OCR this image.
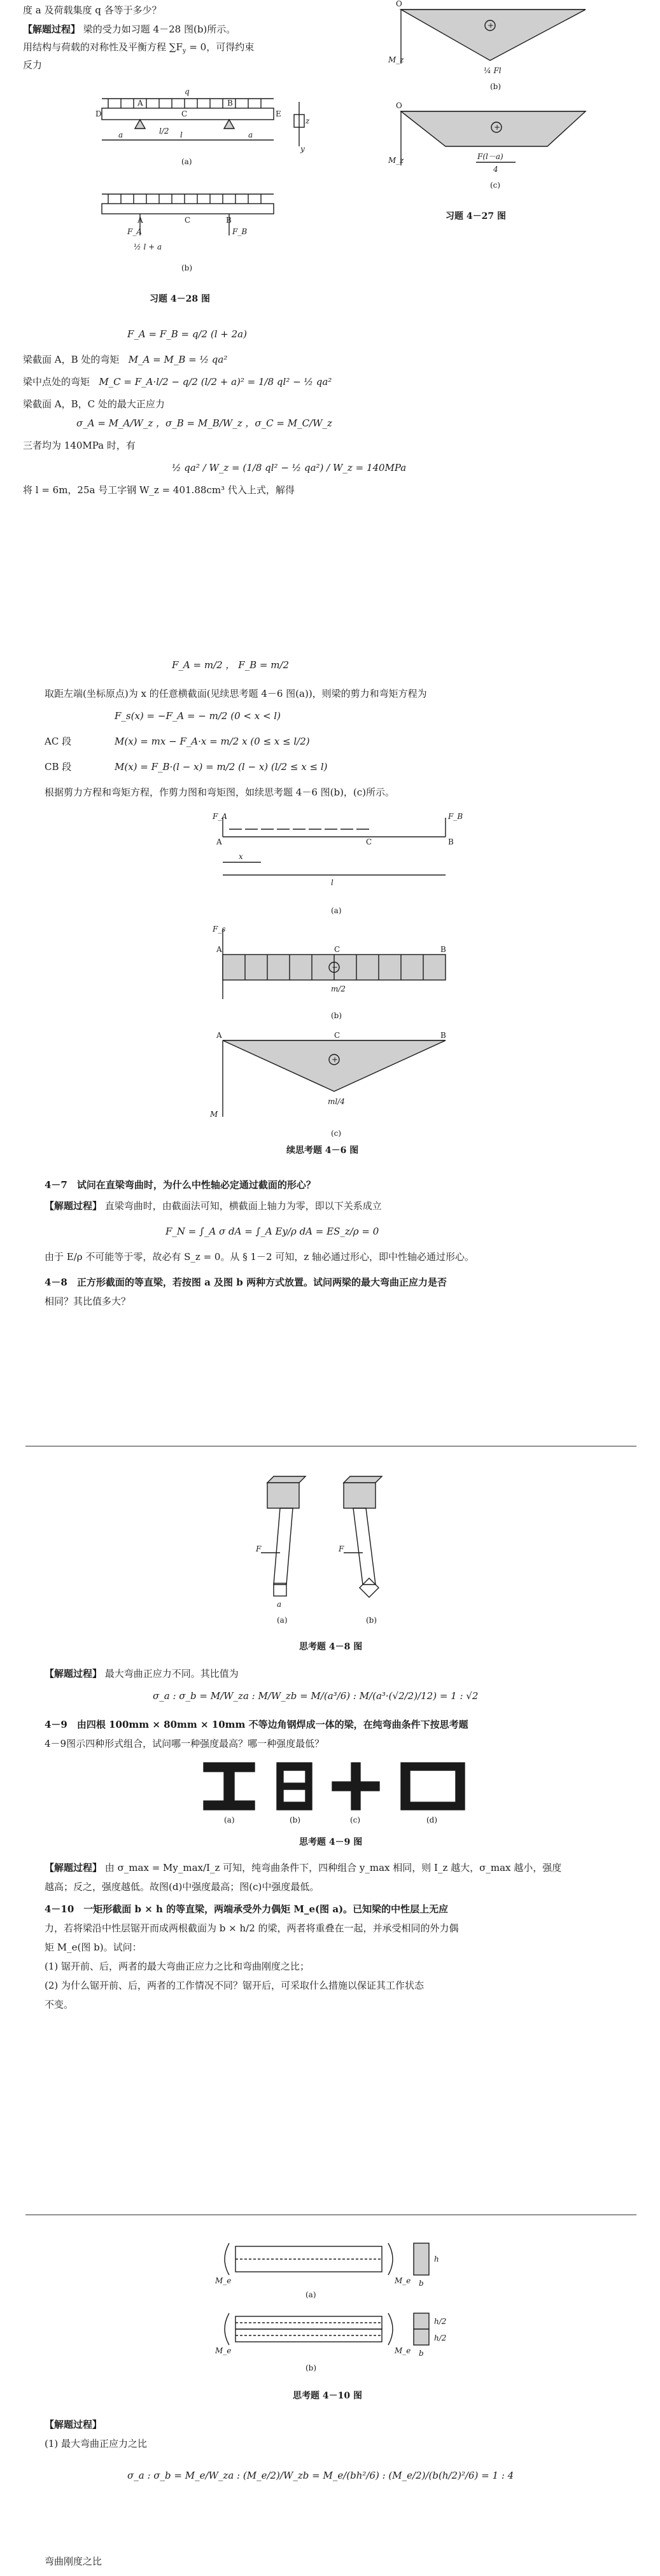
度 a 及荷载集度 q 各等于多少？
【解题过程】 梁的受力如习题 4－28 图(b)所示。
用结构与荷载的对称性及平衡方程 $\sum F_y = 0$，可得约束
反力
q
D	E
A
C
B
a	l	a
l/2
(a)
z
y
F_A	F_B
A	C	B
½ l + a
(b)
习题 4－28 图
O
+
M_z
¼ Fl
(b)
O
+
M_z	F(l－a)
4
(c)
习题 4－27 图
F_A = F_B = q/2 (l + 2a)
梁截面 A，B 处的弯矩 M_A = M_B = ½ qa²
梁中点处的弯矩 M_C = F_A·l/2 − q/2 (l/2 + a)² = 1/8 ql² − ½ qa²
梁截面 A，B，C 处的最大正应力
σ_A = M_A/W_z ，σ_B = M_B/W_z ，σ_C = M_C/W_z
三者均为 140MPa 时，有
½ qa² / W_z = (1/8 ql² − ½ qa²) / W_z = 140MPa
将 l = 6m，25a 号工字钢 W_z = 401.88cm³ 代入上式，解得
F_A = m/2 ， F_B = m/2
取距左端(坐标原点)为 x 的任意横截面(见续思考题 4－6 图(a))，则梁的剪力和弯矩方程为
F_s(x) = −F_A = − m/2 (0 < x < l)
AC 段	M(x) = mx − F_A·x = m/2 x (0 ≤ x ≤ l/2)
CB 段	M(x) = F_B·(l − x) = m/2 (l − x) (l/2 ≤ x ≤ l)
根据剪力方程和弯矩方程，作剪力图和弯矩图，如续思考题 4－6 图(b)，(c)所示。
F_A	F_B
A	B
C
x
l
(a)
F_s
A	C	B
−
m/2
(b)
M
A	C	B
+
ml/4
(c)
续思考题 4－6 图
4－7　试问在直梁弯曲时，为什么中性轴必定通过截面的形心？
【解题过程】 直梁弯曲时，由截面法可知，横截面上轴力为零，即以下关系成立
F_N = ∫_A σ dA = ∫_A Ey/ρ dA = ES_z/ρ = 0
由于 E/ρ 不可能等于零，故必有 S_z = 0。从 § 1－2 可知，z 轴必通过形心，即中性轴必通过形心。
4－8　正方形截面的等直梁，若按图 a 及图 b 两种方式放置。试问两梁的最大弯曲正应力是否
相同？其比值多大？
F
a
(a)
F
(b)
思考题 4－8 图
【解题过程】 最大弯曲正应力不同。其比值为
σ_a : σ_b = M/W_za : M/W_zb = M/(a³/6) : M/(a³·(√2/2)/12) = 1 : √2
4－9　由四根 100mm × 80mm × 10mm 不等边角钢焊成一体的梁，在纯弯曲条件下按思考题
4－9图示四种形式组合，试问哪一种强度最高？哪一种强度最低？
(a)	(b)	(c)	(d)
思考题 4－9 图
【解题过程】 由 σ_max = My_max/I_z 可知，纯弯曲条件下，四种组合 y_max 相同，则 I_z 越大，σ_max 越小，强度
越高；反之，强度越低。故图(d)中强度最高；图(c)中强度最低。
4－10　一矩形截面 b × h 的等直梁，两端承受外力偶矩 M_e(图 a)。已知梁的中性层上无应
力，若将梁沿中性层锯开而成两根截面为 b × h/2 的梁，两者将重叠在一起，并承受相同的外力偶
矩 M_e(图 b)。试问：
(1) 锯开前、后，两者的最大弯曲正应力之比和弯曲刚度之比；
(2) 为什么锯开前、后，两者的工作情况不同？锯开后，可采取什么措施以保证其工作状态
不变。
M_e	M_e
h
b
(a)
M_e	M_e
h/2
h/2
b
(b)
思考题 4－10 图
【解题过程】
(1) 最大弯曲正应力之比
σ_a : σ_b = M_e/W_za : (M_e/2)/W_zb = M_e/(bh²/6) : (M_e/2)/(b(h/2)²/6) = 1 : 4
弯曲刚度之比
